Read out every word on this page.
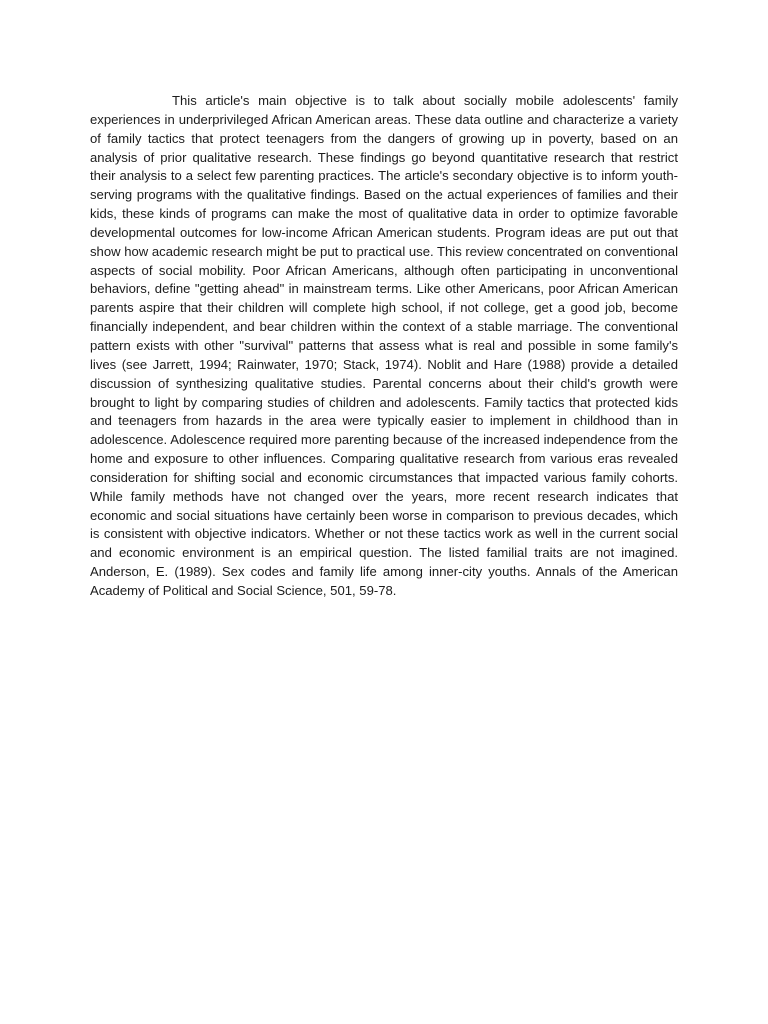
This article's main objective is to talk about socially mobile adolescents' family experiences in underprivileged African American areas. These data outline and characterize a variety of family tactics that protect teenagers from the dangers of growing up in poverty, based on an analysis of prior qualitative research. These findings go beyond quantitative research that restrict their analysis to a select few parenting practices. The article's secondary objective is to inform youth-serving programs with the qualitative findings. Based on the actual experiences of families and their kids, these kinds of programs can make the most of qualitative data in order to optimize favorable developmental outcomes for low-income African American students. Program ideas are put out that show how academic research might be put to practical use. This review concentrated on conventional aspects of social mobility. Poor African Americans, although often participating in unconventional behaviors, define "getting ahead" in mainstream terms. Like other Americans, poor African American parents aspire that their children will complete high school, if not college, get a good job, become financially independent, and bear children within the context of a stable marriage. The conventional pattern exists with other "survival" patterns that assess what is real and possible in some family's lives (see Jarrett, 1994; Rainwater, 1970; Stack, 1974). Noblit and Hare (1988) provide a detailed discussion of synthesizing qualitative studies. Parental concerns about their child's growth were brought to light by comparing studies of children and adolescents. Family tactics that protected kids and teenagers from hazards in the area were typically easier to implement in childhood than in adolescence. Adolescence required more parenting because of the increased independence from the home and exposure to other influences. Comparing qualitative research from various eras revealed consideration for shifting social and economic circumstances that impacted various family cohorts. While family methods have not changed over the years, more recent research indicates that economic and social situations have certainly been worse in comparison to previous decades, which is consistent with objective indicators. Whether or not these tactics work as well in the current social and economic environment is an empirical question. The listed familial traits are not imagined. Anderson, E. (1989). Sex codes and family life among inner-city youths. Annals of the American Academy of Political and Social Science, 501, 59-78.
